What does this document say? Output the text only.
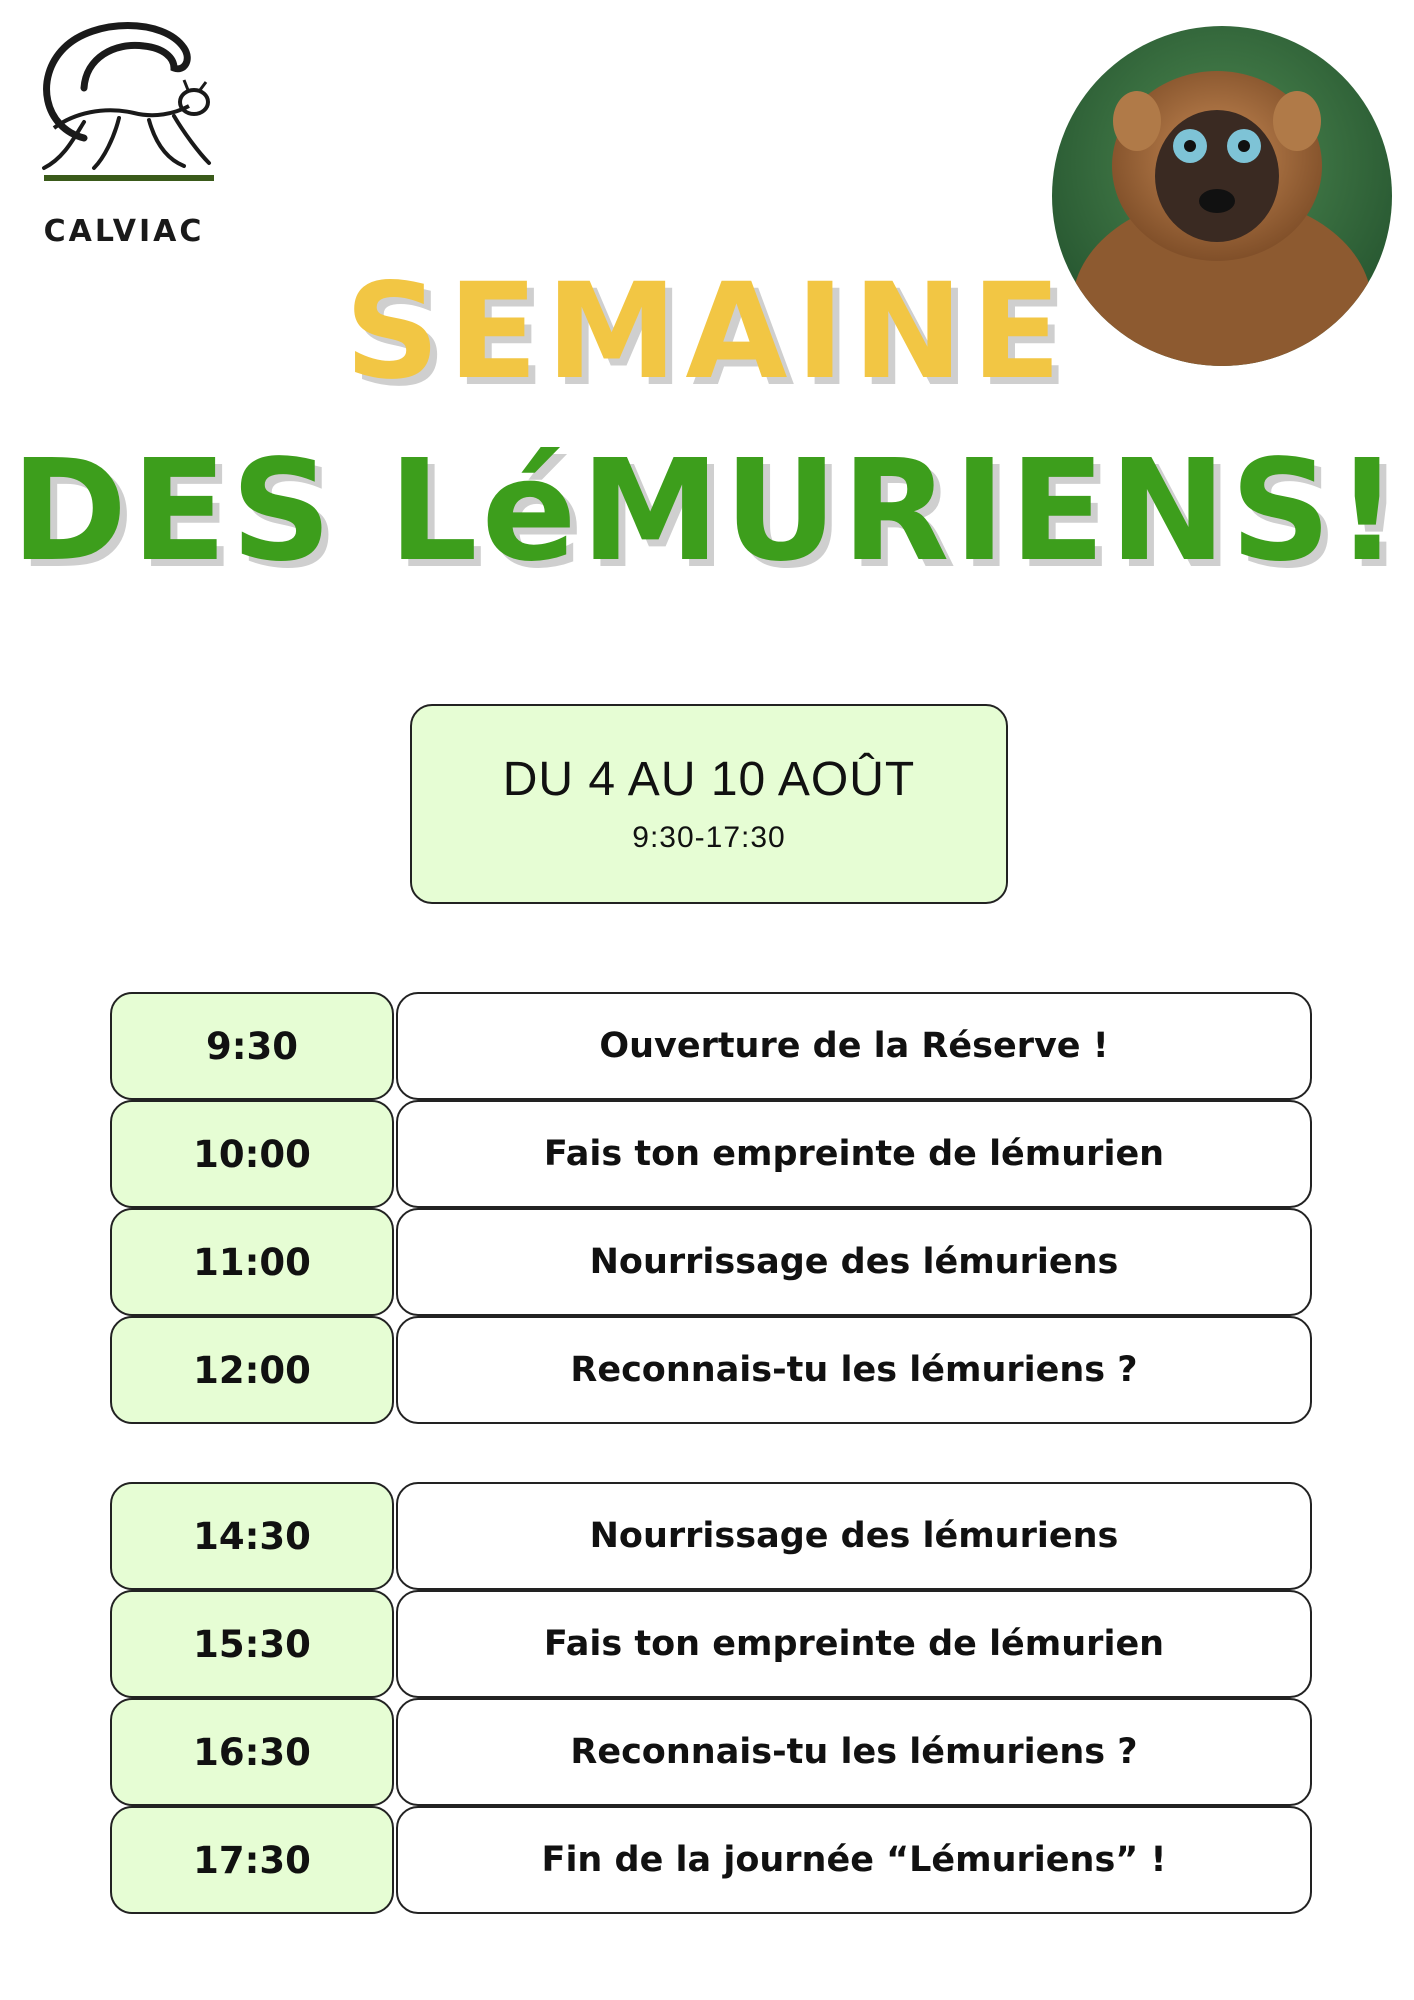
CALVIAC
SEMAINE
DES LéMURIENS!
DU 4 AU 10 AOÛT
9:30-17:30
9:30	Ouverture de la Réserve !
10:00	Fais ton empreinte de lémurien
11:00	Nourrissage des lémuriens
12:00	Reconnais-tu les lémuriens ?
14:30	Nourrissage des lémuriens
15:30	Fais ton empreinte de lémurien
16:30	Reconnais-tu les lémuriens ?
17:30	Fin de la journée “Lémuriens” !
